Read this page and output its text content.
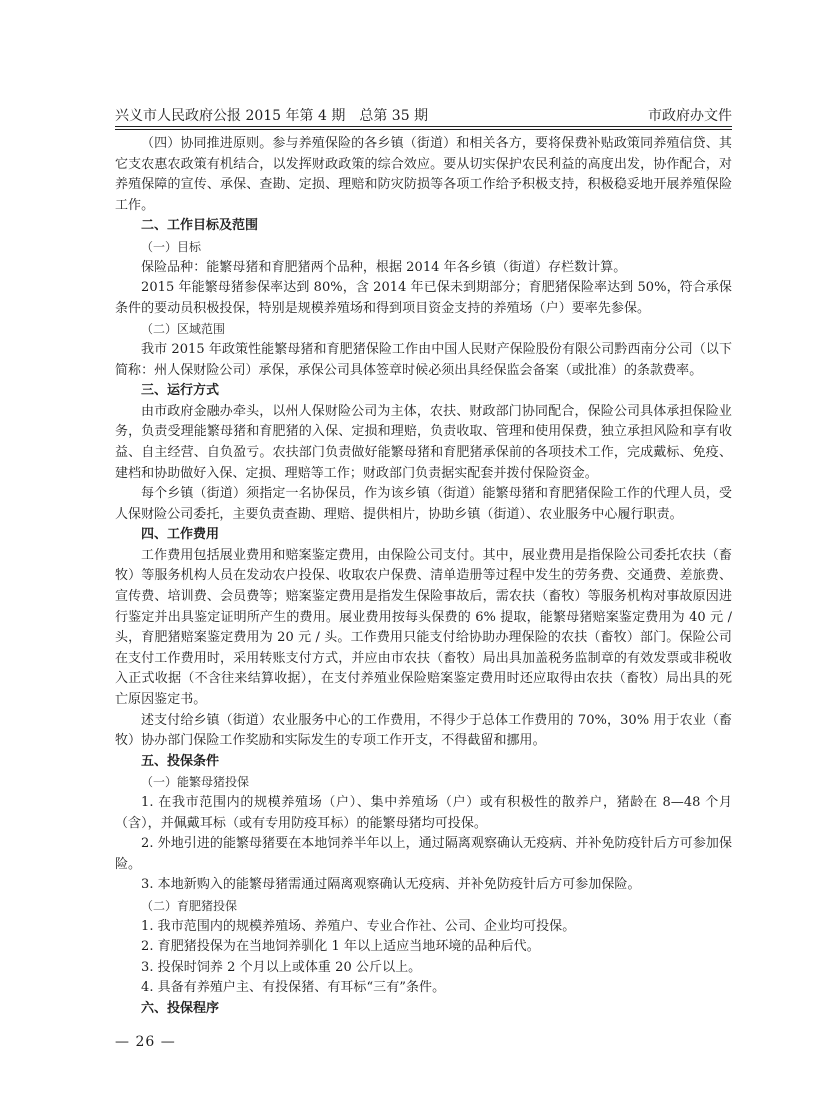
兴义市人民政府公报 2015 年第 4 期　总第 35 期	市政府办文件

（四）协同推进原则。参与养殖保险的各乡镇（街道）和相关各方，要将保费补贴政策同养殖信贷、其它支农惠农政策有机结合，以发挥财政政策的综合效应。要从切实保护农民利益的高度出发，协作配合，对养殖保障的宣传、承保、查勘、定损、理赔和防灾防损等各项工作给予积极支持，积极稳妥地开展养殖保险工作。

二、工作目标及范围

（一）目标

保险品种：能繁母猪和育肥猪两个品种，根据 2014 年各乡镇（街道）存栏数计算。

2015 年能繁母猪参保率达到 80%，含 2014 年已保未到期部分；育肥猪保险率达到 50%，符合承保条件的要动员积极投保，特别是规模养殖场和得到项目资金支持的养殖场（户）要率先参保。

（二）区域范围

我市 2015 年政策性能繁母猪和育肥猪保险工作由中国人民财产保险股份有限公司黔西南分公司（以下简称：州人保财险公司）承保，承保公司具体签章时候必须出具经保监会备案（或批准）的条款费率。

三、运行方式

由市政府金融办牵头，以州人保财险公司为主体，农扶、财政部门协同配合，保险公司具体承担保险业务，负责受理能繁母猪和育肥猪的入保、定损和理赔，负责收取、管理和使用保费，独立承担风险和享有收益、自主经营、自负盈亏。农扶部门负责做好能繁母猪和育肥猪承保前的各项技术工作，完成戴标、免疫、建档和协助做好入保、定损、理赔等工作；财政部门负责据实配套并拨付保险资金。

每个乡镇（街道）须指定一名协保员，作为该乡镇（街道）能繁母猪和育肥猪保险工作的代理人员，受人保财险公司委托，主要负责查勘、理赔、提供相片，协助乡镇（街道）、农业服务中心履行职责。

四、工作费用

工作费用包括展业费用和赔案鉴定费用，由保险公司支付。其中，展业费用是指保险公司委托农扶（畜牧）等服务机构人员在发动农户投保、收取农户保费、清单造册等过程中发生的劳务费、交通费、差旅费、宣传费、培训费、会员费等；赔案鉴定费用是指发生保险事故后，需农扶（畜牧）等服务机构对事故原因进行鉴定并出具鉴定证明所产生的费用。展业费用按每头保费的 6% 提取，能繁母猪赔案鉴定费用为 40 元 / 头，育肥猪赔案鉴定费用为 20 元 / 头。工作费用只能支付给协助办理保险的农扶（畜牧）部门。保险公司在支付工作费用时，采用转账支付方式，并应由市农扶（畜牧）局出具加盖税务监制章的有效发票或非税收入正式收据（不含往来结算收据），在支付养殖业保险赔案鉴定费用时还应取得由农扶（畜牧）局出具的死亡原因鉴定书。

述支付给乡镇（街道）农业服务中心的工作费用，不得少于总体工作费用的 70%，30% 用于农业（畜牧）协办部门保险工作奖励和实际发生的专项工作开支，不得截留和挪用。

五、投保条件

（一）能繁母猪投保

1. 在我市范围内的规模养殖场（户）、集中养殖场（户）或有积极性的散养户，猪龄在 8—48 个月（含），并佩戴耳标（或有专用防疫耳标）的能繁母猪均可投保。

2. 外地引进的能繁母猪要在本地饲养半年以上，通过隔离观察确认无疫病、并补免防疫针后方可参加保险。

3. 本地新购入的能繁母猪需通过隔离观察确认无疫病、并补免防疫针后方可参加保险。

（二）育肥猪投保

1. 我市范围内的规模养殖场、养殖户、专业合作社、公司、企业均可投保。

2. 育肥猪投保为在当地饲养驯化 1 年以上适应当地环境的品种后代。

3. 投保时饲养 2 个月以上或体重 20 公斤以上。

4. 具备有养殖户主、有投保猪、有耳标“三有”条件。

六、投保程序

— 26 —
